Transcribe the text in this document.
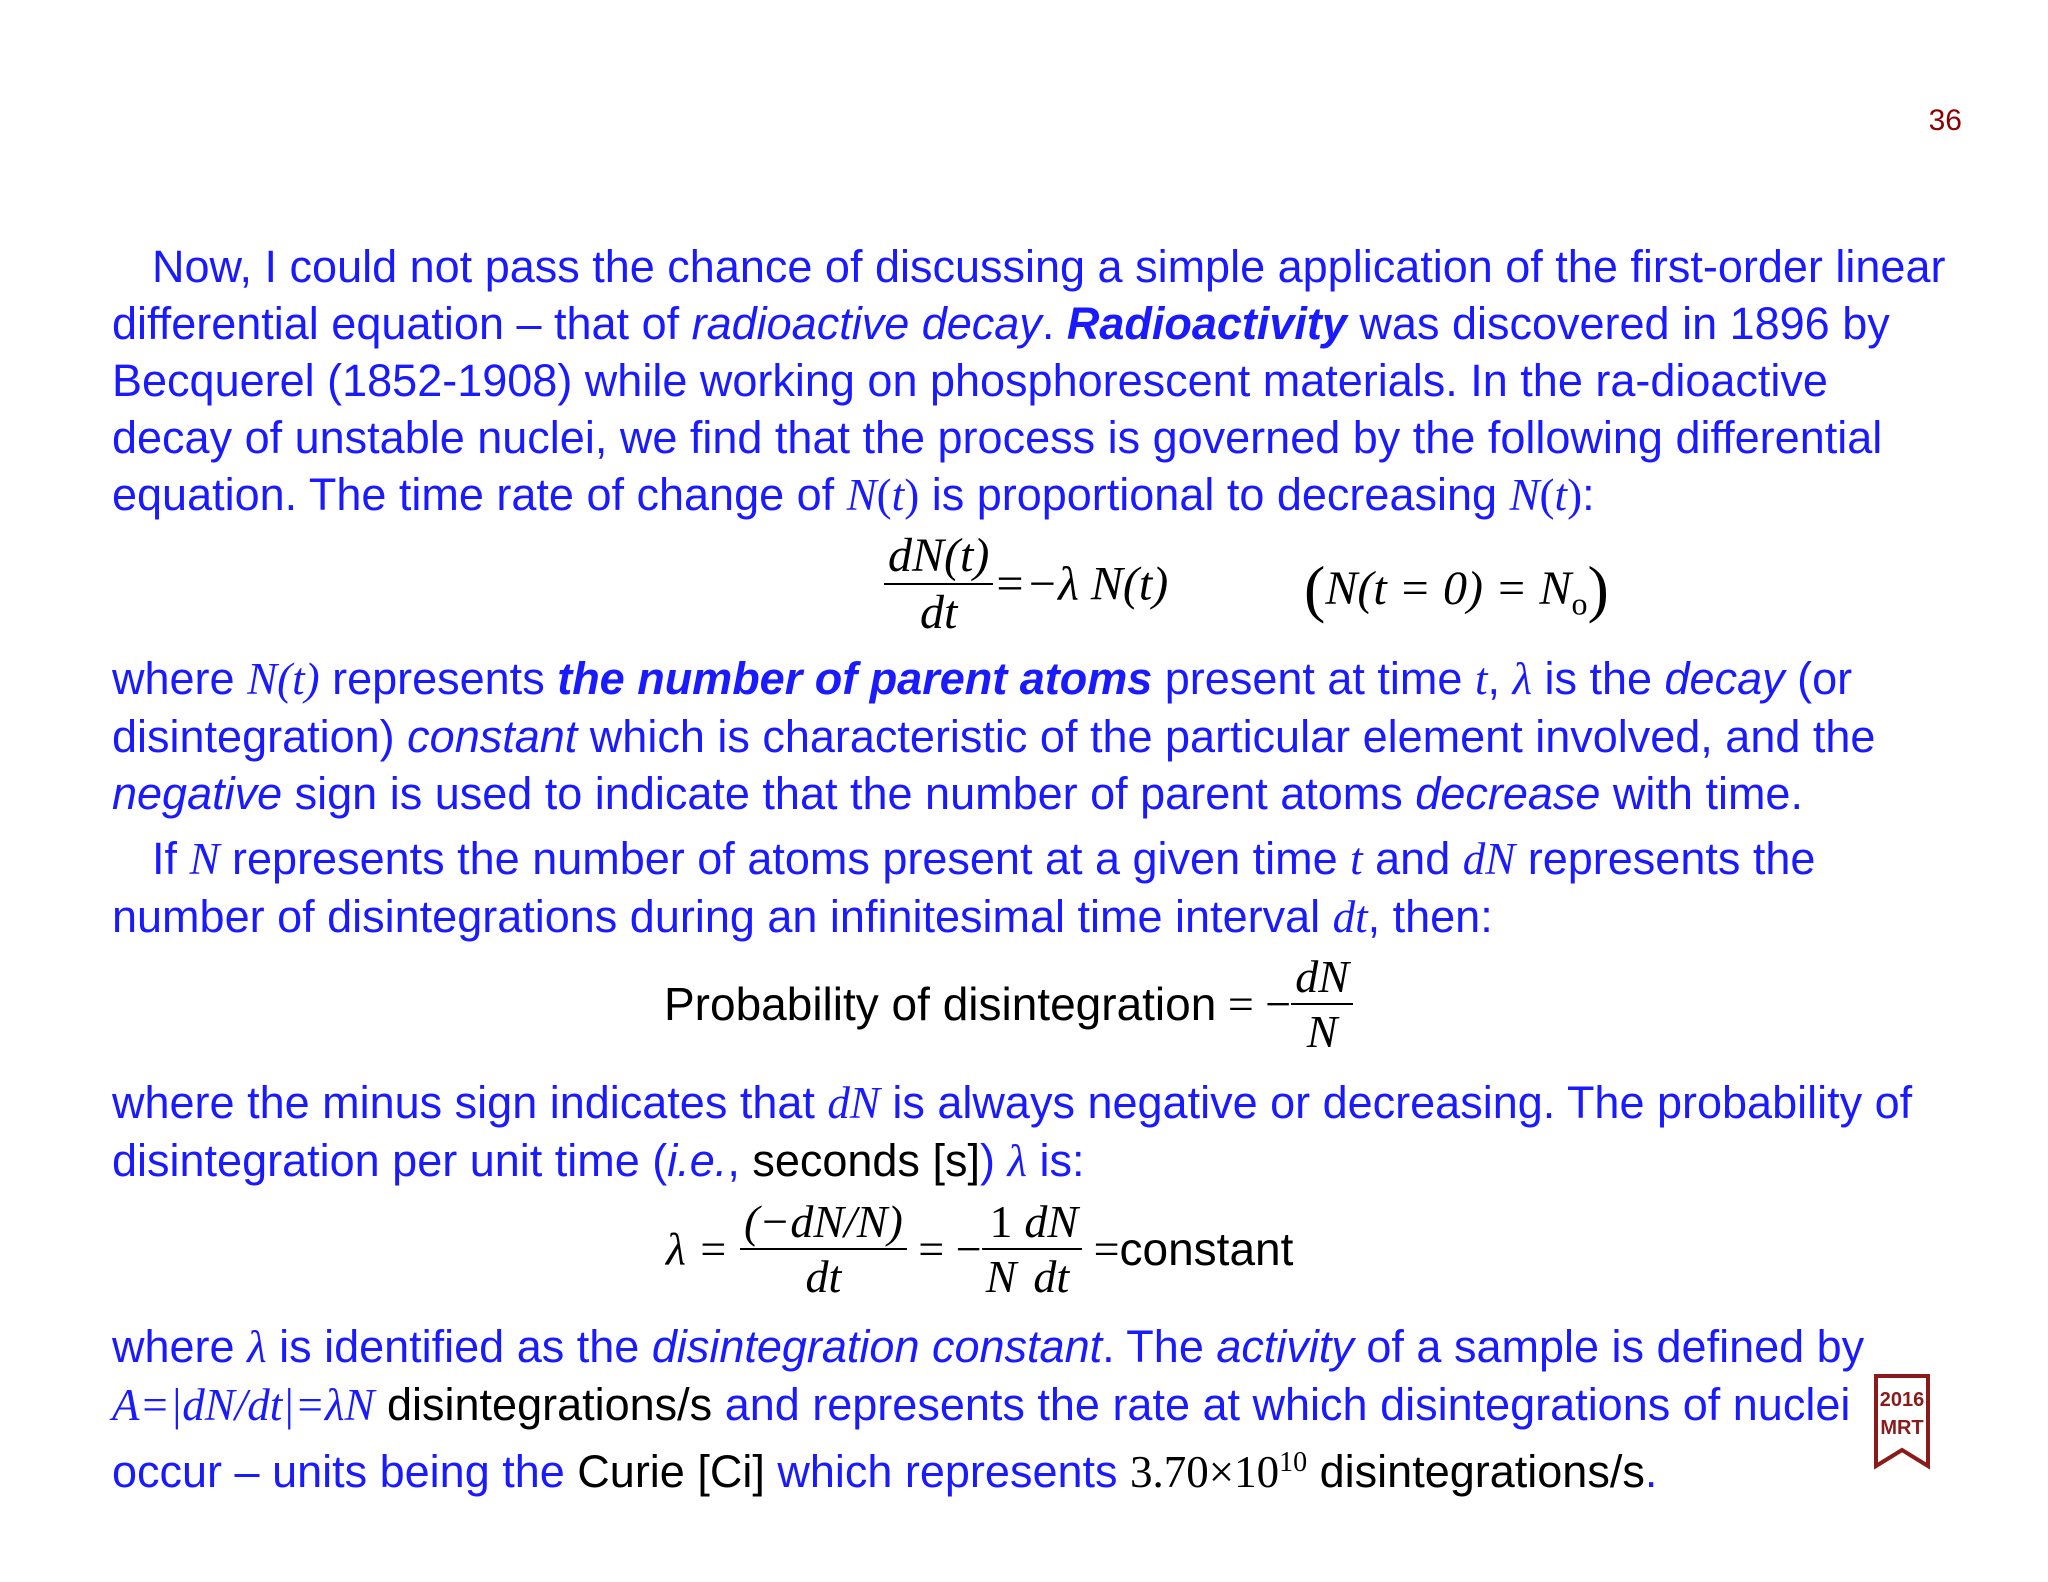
36

Now, I could not pass the chance of discussing a simple application of the first-order linear differential equation – that of radioactive decay. Radioactivity was discovered in 1896 by Becquerel (1852-1908) while working on phosphorescent materials. In the ra-dioactive decay of unstable nuclei, we find that the process is governed by the following differential equation. The time rate of change of N(t) is proportional to decreasing N(t):

$\frac{dN(t)}{dt} =-\lambda$ N(t) $(N(t = 0) = N_o)$

where N(t) represents the number of parent atoms present at time t, λ is the decay (or disintegration) constant which is characteristic of the particular element involved, and the negative sign is used to indicate that the number of parent atoms decrease with time.

If N represents the number of atoms present at a given time t and dN represents the number of disintegrations during an infinitesimal time interval dt, then:

Probability of disintegration = − $\frac{dN}{N}$

where the minus sign indicates that dN is always negative or decreasing. The probability of disintegration per unit time (i.e., seconds [s]) λ is:

$\lambda = \frac{(-dN/N)}{dt}$ = − $\frac{1}{N} \frac{dN}{dt}$ =constant

where λ is identified as the disintegration constant. The activity of a sample is defined by A=|dN/dt|=λN disintegrations/s and represents the rate at which disintegrations of nuclei occur – units being the Curie [Ci] which represents $3.70\times 10^{10}$ disintegrations/s.

2016
MRT
